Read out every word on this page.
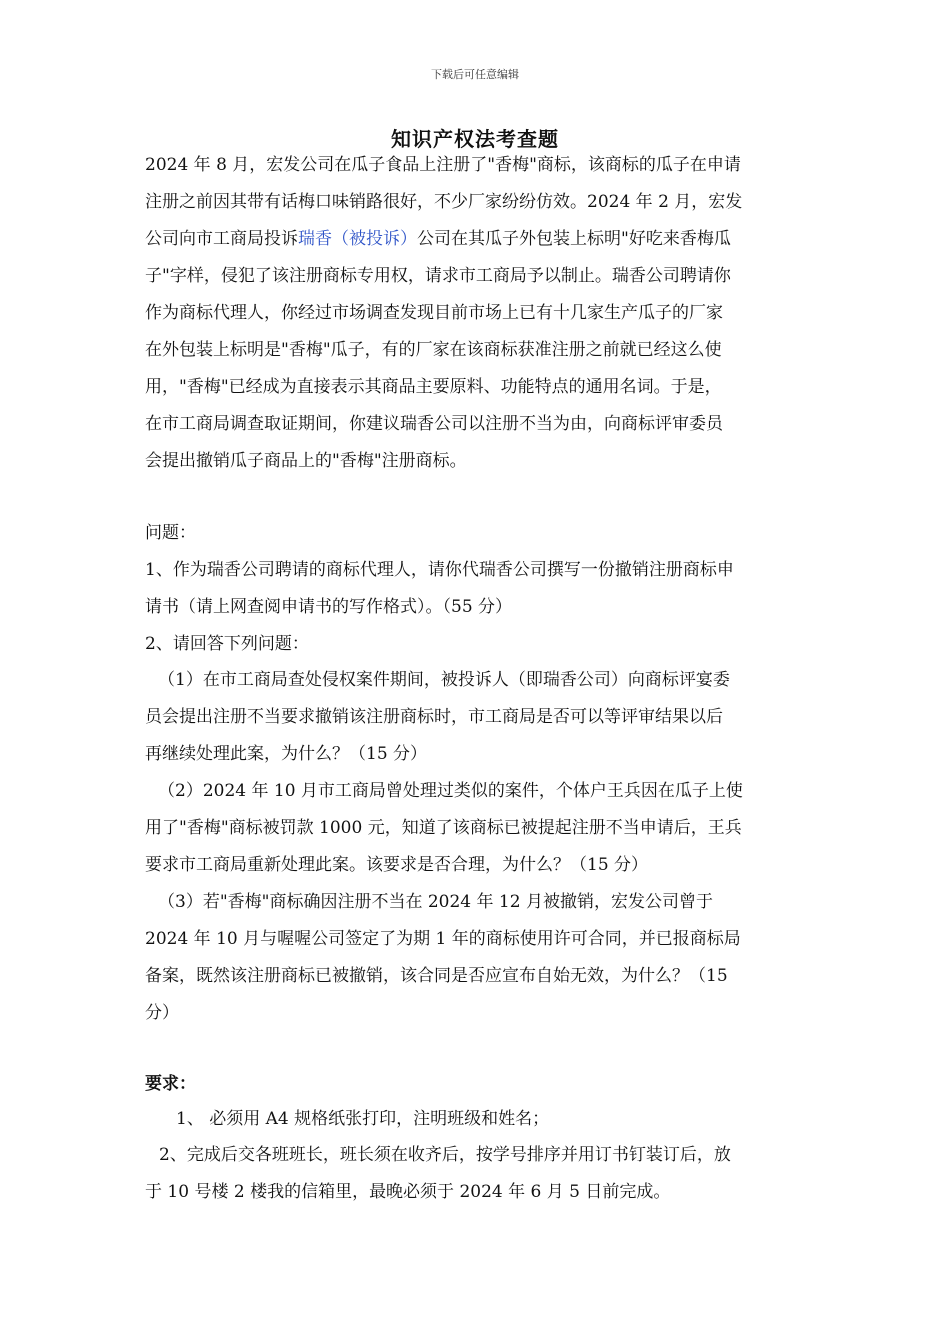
下载后可任意编辑
知识产权法考查题
2024 年 8 月，宏发公司在瓜子食品上注册了"香梅"商标，该商标的瓜子在申请
注册之前因其带有话梅口味销路很好，不少厂家纷纷仿效。2024 年 2 月，宏发
公司向市工商局投诉瑞香（被投诉）公司在其瓜子外包装上标明"好吃来香梅瓜
子"字样，侵犯了该注册商标专用权，请求市工商局予以制止。瑞香公司聘请你
作为商标代理人，你经过市场调查发现目前市场上已有十几家生产瓜子的厂家
在外包装上标明是"香梅"瓜子，有的厂家在该商标获准注册之前就已经这么使
用，"香梅"已经成为直接表示其商品主要原料、功能特点的通用名词。于是，
在市工商局调查取证期间，你建议瑞香公司以注册不当为由，向商标评审委员
会提出撤销瓜子商品上的"香梅"注册商标。
问题：
1、作为瑞香公司聘请的商标代理人，请你代瑞香公司撰写一份撤销注册商标申
请书（请上网查阅申请书的写作格式）。（55 分）
2、请回答下列问题：
（1）在市工商局查处侵权案件期间，被投诉人（即瑞香公司）向商标评宴委
员会提出注册不当要求撤销该注册商标时，市工商局是否可以等评审结果以后
再继续处理此案，为什么？（15 分）
（2）2024 年 10 月市工商局曾处理过类似的案件，个体户王兵因在瓜子上使
用了"香梅"商标被罚款 1000 元，知道了该商标已被提起注册不当申请后，王兵
要求市工商局重新处理此案。该要求是否合理，为什么？（15 分）
（3）若"香梅"商标确因注册不当在 2024 年 12 月被撤销，宏发公司曾于
2024 年 10 月与喔喔公司签定了为期 1 年的商标使用许可合同，并已报商标局
备案，既然该注册商标已被撤销，该合同是否应宣布自始无效，为什么？（15
分）
要求：
1、 必须用 A4 规格纸张打印，注明班级和姓名；
2、完成后交各班班长，班长须在收齐后，按学号排序并用订书钉装订后，放
于 10 号楼 2 楼我的信箱里，最晚必须于 2024 年 6 月 5 日前完成。
